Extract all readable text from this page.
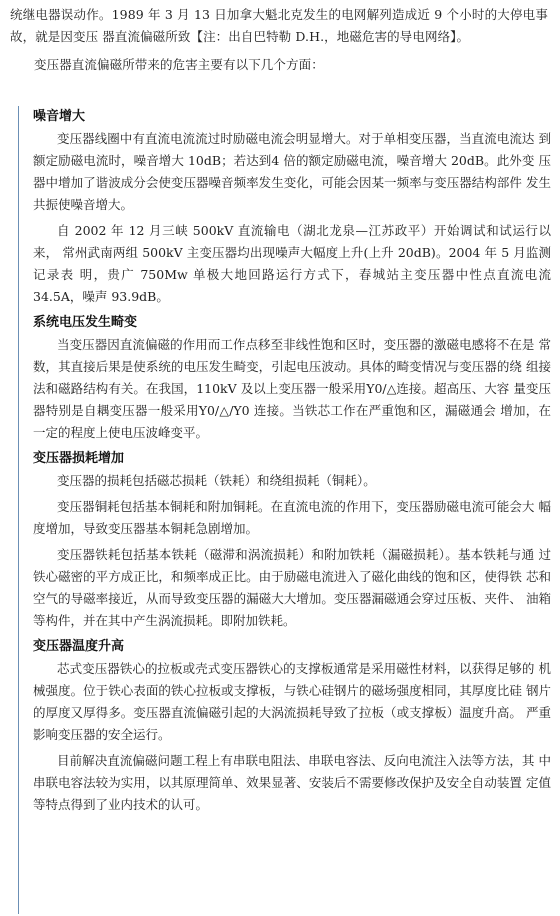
统继电器误动作。1989 年 3 月 13 日加拿大魁北克发生的电网解列造成近 9 个小时的大停电事故，就是因变压 器直流偏磁所致【注：出自巴特勒 D.H.，地磁危害的导电网络】。

变压器直流偏磁所带来的危害主要有以下几个方面：

噪音增大

变压器线圈中有直流电流流过时励磁电流会明显增大。对于单相变压器，当直流电流达 到额定励磁电流时，噪音增大 10dB；若达到4 倍的额定励磁电流，噪音增大 20dB。此外变 压器中增加了谐波成分会使变压器噪音频率发生变化，可能会因某一频率与变压器结构部件 发生共振使噪音增大。

自 2002 年 12 月三峡 500kV 直流输电（湖北龙泉—江苏政平）开始调试和试运行以来， 常州武南两组 500kV 主变压器均出现噪声大幅度上升(上升 20dB)。2004 年 5 月监测记录表 明，贵广 750Mw 单极大地回路运行方式下，春城站主变压器中性点直流电流 34.5A，噪声 93.9dB。

系统电压发生畸变

当变压器因直流偏磁的作用而工作点移至非线性饱和区时，变压器的激磁电感将不在是 常数，其直接后果是使系统的电压发生畸变，引起电压波动。具体的畸变情况与变压器的绕 组接法和磁路结构有关。在我国，110kV 及以上变压器一般采用Y0/△连接。超高压、大容 量变压器特别是自耦变压器一般采用Y0/△/Y0 连接。当铁芯工作在严重饱和区，漏磁通会 增加，在一定的程度上使电压波峰变平。

变压器损耗增加

变压器的损耗包括磁芯损耗（铁耗）和绕组损耗（铜耗）。

变压器铜耗包括基本铜耗和附加铜耗。在直流电流的作用下，变压器励磁电流可能会大 幅度增加，导致变压器基本铜耗急剧增加。

变压器铁耗包括基本铁耗（磁滞和涡流损耗）和附加铁耗（漏磁损耗）。基本铁耗与通 过铁心磁密的平方成正比，和频率成正比。由于励磁电流进入了磁化曲线的饱和区，使得铁 芯和空气的导磁率接近，从而导致变压器的漏磁大大增加。变压器漏磁通会穿过压板、夹件、 油箱等构件，并在其中产生涡流损耗。即附加铁耗。

变压器温度升高

芯式变压器铁心的拉板或壳式变压器铁心的支撑板通常是采用磁性材料，以获得足够的 机械强度。位于铁心表面的铁心拉板或支撑板，与铁心硅钢片的磁场强度相同，其厚度比硅 钢片的厚度又厚得多。变压器直流偏磁引起的大涡流损耗导致了拉板（或支撑板）温度升高。 严重影响变压器的安全运行。

目前解决直流偏磁问题工程上有串联电阻法、串联电容法、反向电流注入法等方法，其 中串联电容法较为实用，以其原理简单、效果显著、安装后不需要修改保护及安全自动装置 定值等特点得到了业内技术的认可。
